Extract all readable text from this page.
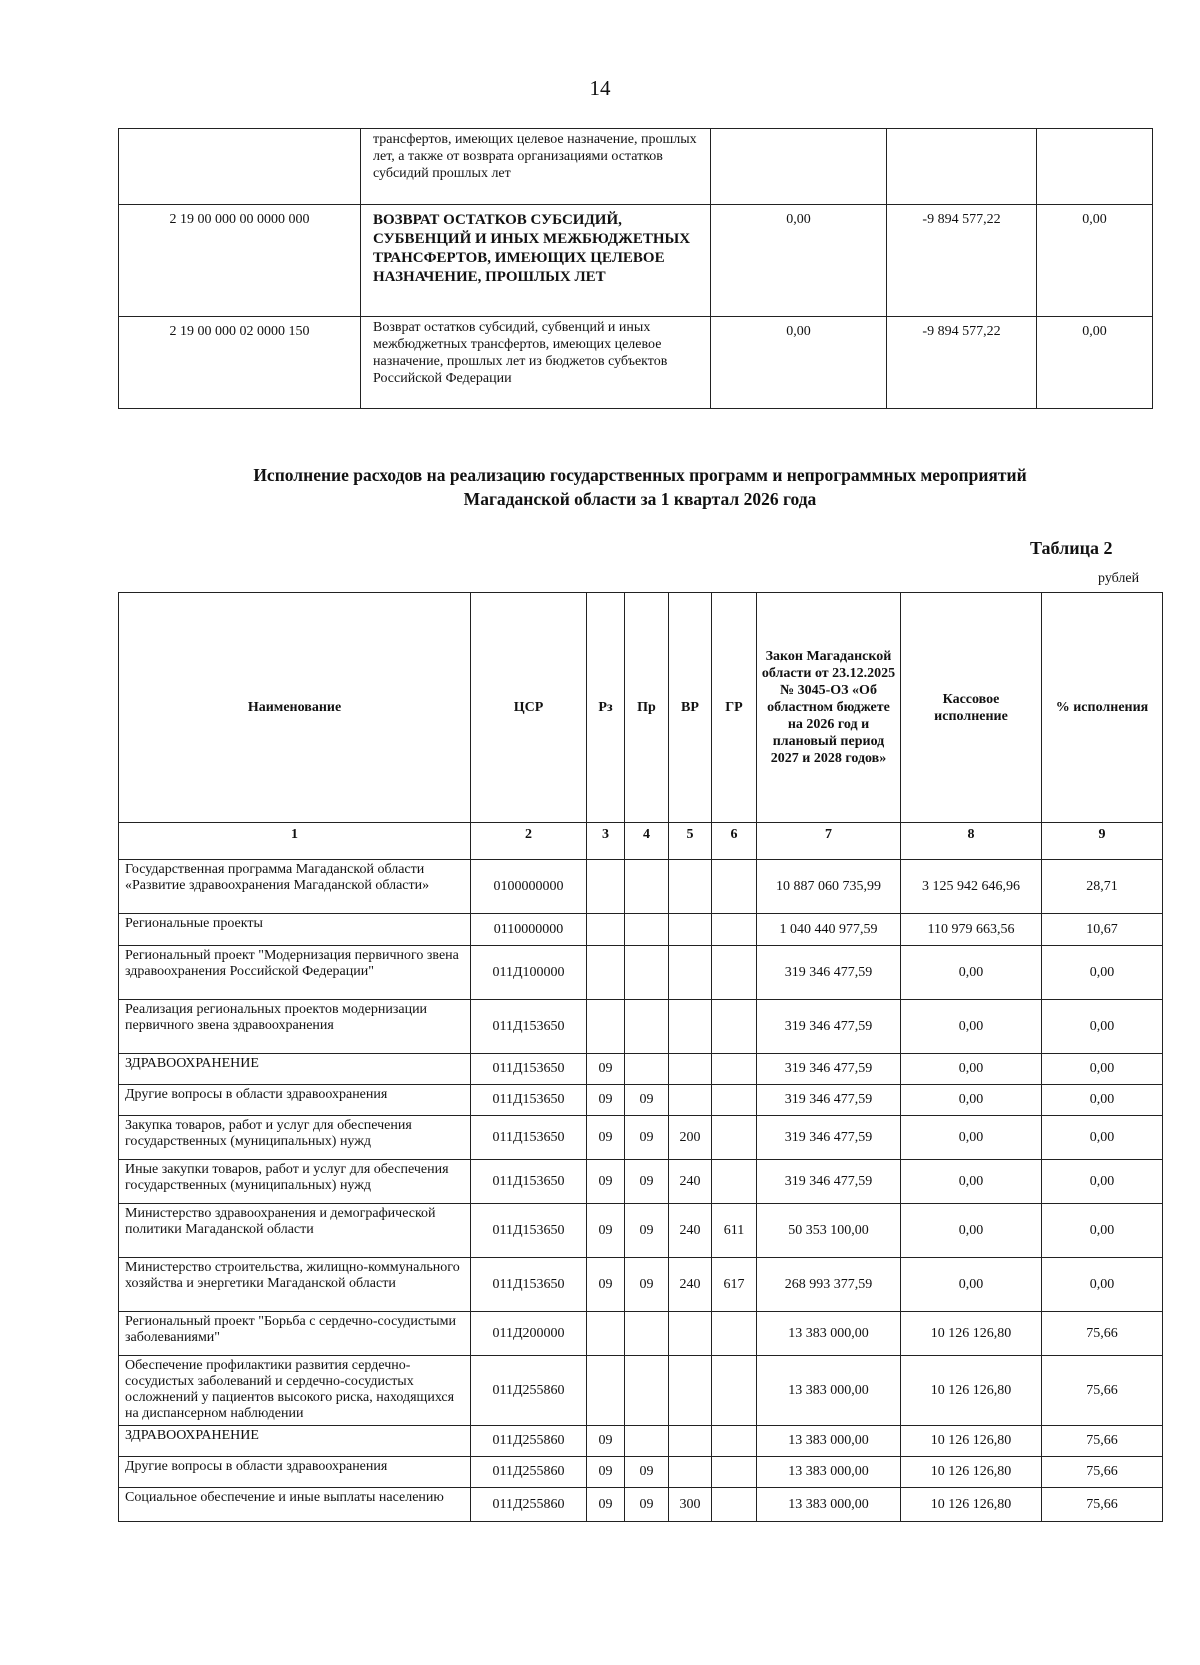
14
	трансфертов, имеющих целевое назначение, прошлых лет, а также от возврата организациями остатков субсидий прошлых лет			
2 19 00 000 00 0000 000	ВОЗВРАТ ОСТАТКОВ СУБСИДИЙ, СУБВЕНЦИЙ И ИНЫХ МЕЖБЮДЖЕТНЫХ ТРАНСФЕРТОВ, ИМЕЮЩИХ ЦЕЛЕВОЕ НАЗНАЧЕНИЕ, ПРОШЛЫХ ЛЕТ	0,00	-9 894 577,22	0,00
2 19 00 000 02 0000 150	Возврат остатков субсидий, субвенций и иных межбюджетных трансфертов, имеющих целевое назначение, прошлых лет из бюджетов субъектов Российской Федерации	0,00	-9 894 577,22	0,00
Исполнение расходов на реализацию государственных программ и непрограммных мероприятий Магаданской области за 1 квартал 2026 года
Таблица 2
рублей
Наименование	ЦСР	Рз	Пр	ВР	ГР	Закон Магаданской области от 23.12.2025 № 3045-ОЗ «Об областном бюджете на 2026 год и плановый период 2027 и 2028 годов»	Кассовое исполнение	% исполнения
1	2	3	4	5	6	7	8	9
Государственная программа Магаданской области «Развитие здравоохранения Магаданской области»	0100000000					10 887 060 735,99	3 125 942 646,96	28,71
Региональные проекты	0110000000					1 040 440 977,59	110 979 663,56	10,67
Региональный проект "Модернизация первичного звена здравоохранения Российской Федерации"	011Д100000					319 346 477,59	0,00	0,00
Реализация региональных проектов модернизации первичного звена здравоохранения	011Д153650					319 346 477,59	0,00	0,00
ЗДРАВООХРАНЕНИЕ	011Д153650	09				319 346 477,59	0,00	0,00
Другие вопросы в области здравоохранения	011Д153650	09	09			319 346 477,59	0,00	0,00
Закупка товаров, работ и услуг для обеспечения государственных (муниципальных) нужд	011Д153650	09	09	200		319 346 477,59	0,00	0,00
Иные закупки товаров, работ и услуг для обеспечения государственных (муниципальных) нужд	011Д153650	09	09	240		319 346 477,59	0,00	0,00
Министерство здравоохранения и демографической политики Магаданской области	011Д153650	09	09	240	611	50 353 100,00	0,00	0,00
Министерство строительства, жилищно-коммунального хозяйства и энергетики Магаданской области	011Д153650	09	09	240	617	268 993 377,59	0,00	0,00
Региональный проект "Борьба с сердечно-сосудистыми заболеваниями"	011Д200000					13 383 000,00	10 126 126,80	75,66
Обеспечение профилактики развития сердечно-сосудистых заболеваний и сердечно-сосудистых осложнений у пациентов высокого риска, находящихся на диспансерном наблюдении	011Д255860					13 383 000,00	10 126 126,80	75,66
ЗДРАВООХРАНЕНИЕ	011Д255860	09				13 383 000,00	10 126 126,80	75,66
Другие вопросы в области здравоохранения	011Д255860	09	09			13 383 000,00	10 126 126,80	75,66
Социальное обеспечение и иные выплаты населению	011Д255860	09	09	300		13 383 000,00	10 126 126,80	75,66
